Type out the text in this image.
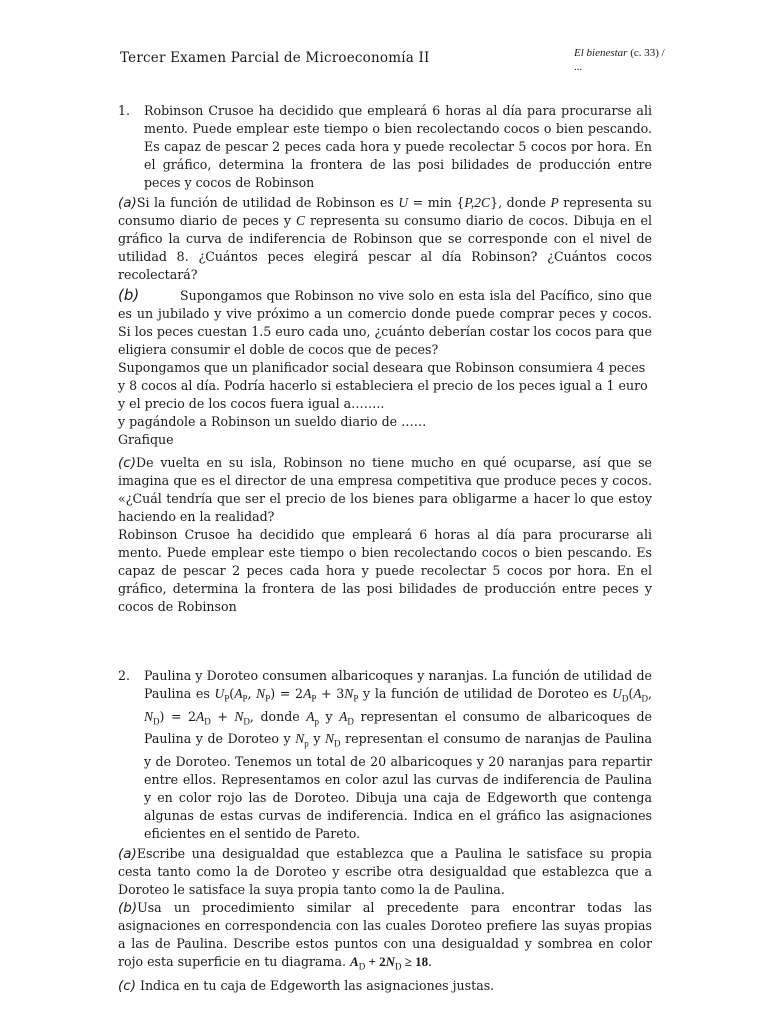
Tercer Examen Parcial de Microeconomía II	El bienestar (c. 33) /
...
1.	Robinson Crusoe ha decidido que empleará 6 horas al día para procurarse ali mento. Puede emplear este tiempo o bien recolectando cocos o bien pescando. Es capaz de pescar 2 peces cada hora y puede recolectar 5 cocos por hora. En el gráfico, determina la frontera de las posi bilidades de producción entre peces y cocos de Robinson

(a)Si la función de utilidad de Robinson es U = min {P,2C}, donde P representa su consumo diario de peces y C representa su consumo diario de cocos. Dibuja en el gráfico la curva de indiferencia de Robinson que se corresponde con el nivel de utilidad 8. ¿Cuántos peces elegirá pescar al día Robinson? ¿Cuántos cocos recolectará?

(b)	Supongamos que Robinson no vive solo en esta isla del Pacífico, sino que es un jubilado y vive próximo a un comercio donde puede comprar peces y cocos. Si los peces cuestan 1.5 euro cada uno, ¿cuánto deberían costar los cocos para que eligiera consumir el doble de cocos que de peces?

Supongamos que un planificador social deseara que Robinson consumiera 4 peces y 8 cocos al día. Podría hacerlo si estableciera el precio de los peces igual a 1 euro y el precio de los cocos fuera igual a……..

y pagándole a Robinson un sueldo diario de ……

Grafique

(c)De vuelta en su isla, Robinson no tiene mucho en qué ocuparse, así que se imagina que es el director de una empresa competitiva que produce peces y cocos. «¿Cuál tendría que ser el precio de los bienes para obligarme a hacer lo que estoy haciendo en la realidad?

Robinson Crusoe ha decidido que empleará 6 horas al día para procurarse ali mento. Puede emplear este tiempo o bien recolectando cocos o bien pescando. Es capaz de pescar 2 peces cada hora y puede recolectar 5 cocos por hora. En el gráfico, determina la frontera de las posi bilidades de producción entre peces y cocos de Robinson

2.	Paulina y Doroteo consumen albaricoques y naranjas. La función de utilidad de Paulina es $U_P(A_P$, $N_P) = 2A_P + 3N_P$ y la función de utilidad de Doroteo es $U_D(A_D$, $N_D) = 2A_D + N_D$, donde $A_p$ y $A_D$ representan el consumo de albaricoques de Paulina y de Doroteo y $N_p$ y $N_D$ representan el consumo de naranjas de Paulina y de Doroteo. Tenemos un total de 20 albaricoques y 20 naranjas para repartir entre ellos. Representamos en color azul las curvas de indiferencia de Paulina y en color rojo las de Doroteo. Dibuja una caja de Edgeworth que contenga algunas de estas curvas de indiferencia. Indica en el gráfico las asignaciones eficientes en el sentido de Pareto.

(a)Escribe una desigualdad que establezca que a Paulina le satisface su propia cesta tanto como la de Doroteo y escribe otra desigualdad que establezca que a Doroteo le satisface la suya propia tanto como la de Paulina.

(b)Usa un procedimiento similar al precedente para encontrar todas las asignaciones en correspondencia con las cuales Doroteo prefiere las suyas propias a las de Paulina. Describe estos puntos con una desigualdad y sombrea en color rojo esta superficie en tu diagrama. $A_D + 2N_D \ge 18$.

(c) Indica en tu caja de Edgeworth las asignaciones justas.
